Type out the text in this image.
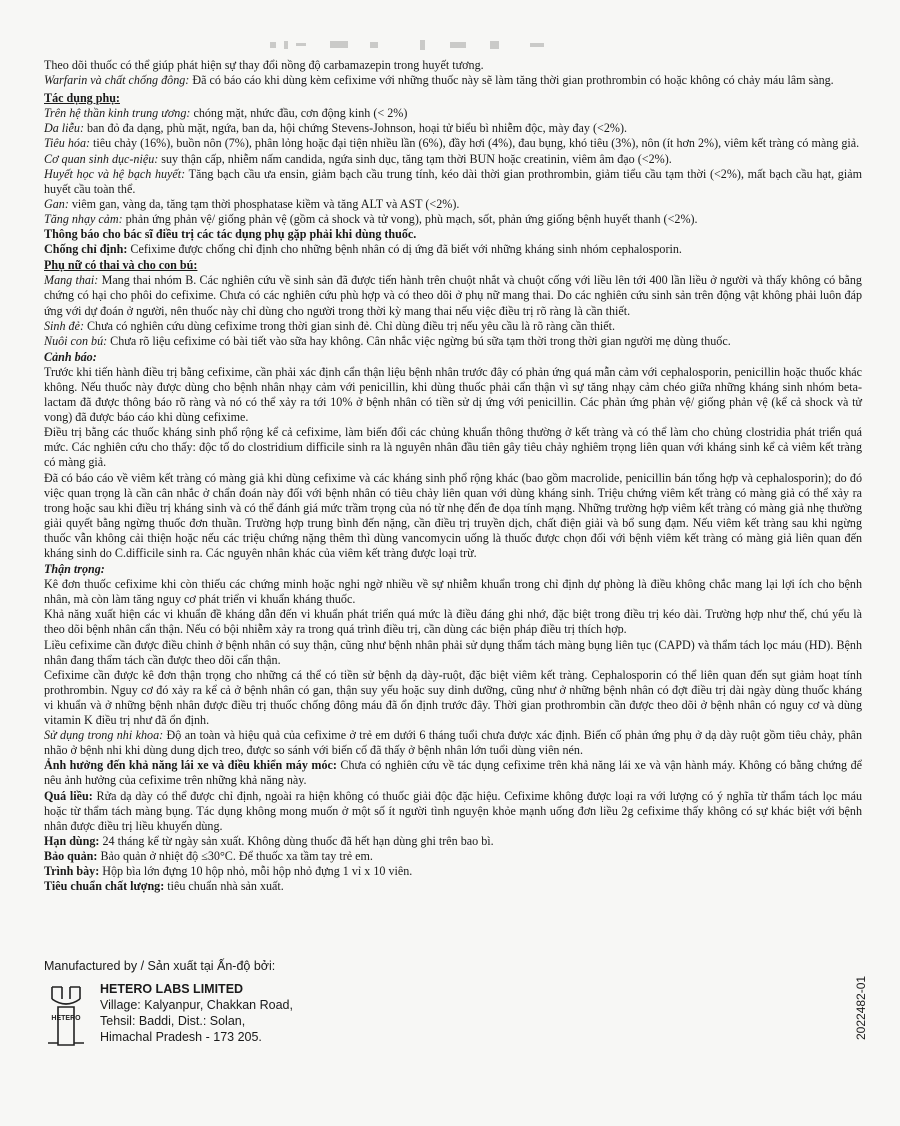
Theo dõi thuốc có thể giúp phát hiện sự thay đổi nồng độ carbamazepin trong huyết tương.

Warfarin và chất chống đông: Đã có báo cáo khi dùng kèm cefixime với những thuốc này sẽ làm tăng thời gian prothrombin có hoặc không có chảy máu lâm sàng.

Tác dụng phụ:

Trên hệ thần kinh trung ương: chóng mặt, nhức đầu, cơn động kinh (< 2%)

Da liễu: ban đỏ đa dạng, phù mặt, ngứa, ban da, hội chứng Stevens-Johnson, hoại tử biểu bì nhiễm độc, mày đay (<2%).

Tiêu hóa: tiêu chảy (16%), buồn nôn (7%), phân lỏng hoặc đại tiện nhiều lần (6%), đầy hơi (4%), đau bụng, khó tiêu (3%), nôn (ít hơn 2%), viêm kết tràng có màng giả.

Cơ quan sinh dục-niệu: suy thận cấp, nhiễm nấm candida, ngứa sinh dục, tăng tạm thời BUN hoặc creatinin, viêm âm đạo (<2%).

Huyết học và hệ bạch huyết: Tăng bạch cầu ưa ensin, giảm bạch cầu trung tính, kéo dài thời gian prothrombin, giảm tiểu cầu tạm thời (<2%), mất bạch cầu hạt, giảm huyết cầu toàn thể.

Gan: viêm gan, vàng da, tăng tạm thời phosphatase kiềm và tăng ALT và AST (<2%).

Tăng nhạy cảm: phản ứng phản vệ/ giống phản vệ (gồm cả shock và tử vong), phù mạch, sốt, phản ứng giống bệnh huyết thanh (<2%).

Thông báo cho bác sĩ điều trị các tác dụng phụ gặp phải khi dùng thuốc.

Chống chỉ định: Cefixime được chống chỉ định cho những bệnh nhân có dị ứng đã biết với những kháng sinh nhóm cephalosporin.

Phụ nữ có thai và cho con bú:

Mang thai: Mang thai nhóm B. Các nghiên cứu về sinh sản đã được tiến hành trên chuột nhắt và chuột cống với liều lên tới 400 lần liều ở người và thấy không có bằng chứng có hại cho phôi do cefixime. Chưa có các nghiên cứu phù hợp và có theo dõi ở phụ nữ mang thai. Do các nghiên cứu sinh sản trên động vật không phải luôn đáp ứng với dự đoán ở người, nên thuốc này chỉ dùng cho người trong thời kỳ mang thai nếu việc điều trị rõ ràng là cần thiết.

Sinh đẻ: Chưa có nghiên cứu dùng cefixime trong thời gian sinh đẻ. Chỉ dùng điều trị nếu yêu cầu là rõ ràng cần thiết.

Nuôi con bú: Chưa rõ liệu cefixime có bài tiết vào sữa hay không. Cân nhắc việc ngừng bú sữa tạm thời trong thời gian người mẹ dùng thuốc.

Cảnh báo:

Trước khi tiến hành điều trị bằng cefixime, cần phải xác định cẩn thận liệu bệnh nhân trước đây có phản ứng quá mẫn cảm với cephalosporin, penicillin hoặc thuốc khác không. Nếu thuốc này được dùng cho bệnh nhân nhạy cảm với penicillin, khi dùng thuốc phải cẩn thận vì sự tăng nhạy cảm chéo giữa những kháng sinh nhóm beta-lactam đã được thông báo rõ ràng và nó có thể xảy ra tới 10% ở bệnh nhân có tiền sử dị ứng với penicillin. Các phản ứng phản vệ/ giống phản vệ (kể cả shock và tử vong) đã được báo cáo khi dùng cefixime.

Điều trị bằng các thuốc kháng sinh phổ rộng kể cả cefixime, làm biến đổi các chủng khuẩn thông thường ở kết tràng và có thể làm cho chủng clostridia phát triển quá mức. Các nghiên cứu cho thấy: độc tố do clostridium difficile sinh ra là nguyên nhân đầu tiên gây tiêu chảy nghiêm trọng liên quan với kháng sinh kể cả viêm kết tràng có màng giả.

Đã có báo cáo về viêm kết tràng có màng giả khi dùng cefixime và các kháng sinh phổ rộng khác (bao gồm macrolide, penicillin bán tổng hợp và cephalosporin); do đó việc quan trọng là cần cân nhắc ở chẩn đoán này đối với bệnh nhân có tiêu chảy liên quan với dùng kháng sinh. Triệu chứng viêm kết tràng có màng giả có thể xảy ra trong hoặc sau khi điều trị kháng sinh và có thể đánh giá mức trầm trọng của nó từ nhẹ đến đe dọa tính mạng. Những trường hợp viêm kết tràng có màng giả nhẹ thường giải quyết bằng ngừng thuốc đơn thuần. Trường hợp trung bình đến nặng, cần điều trị truyền dịch, chất điện giải và bổ sung đạm. Nếu viêm kết tràng sau khi ngừng thuốc vẫn không cải thiện hoặc nếu các triệu chứng nặng thêm thì dùng vancomycin uống là thuốc được chọn đối với bệnh viêm kết tràng có màng giả liên quan đến kháng sinh do C.difficile sinh ra. Các nguyên nhân khác của viêm kết tràng được loại trừ.

Thận trọng:

Kê đơn thuốc cefixime khi còn thiếu các chứng minh hoặc nghi ngờ nhiều về sự nhiễm khuẩn trong chỉ định dự phòng là điều không chắc mang lại lợi ích cho bệnh nhân, mà còn làm tăng nguy cơ phát triển vi khuẩn kháng thuốc.

Khả năng xuất hiện các vi khuẩn đề kháng dẫn đến vi khuẩn phát triển quá mức là điều đáng ghi nhớ, đặc biệt trong điều trị kéo dài. Trường hợp như thế, chú yếu là theo dõi bệnh nhân cẩn thận. Nếu có bội nhiễm xảy ra trong quá trình điều trị, cần dùng các biện pháp điều trị thích hợp.

Liều cefixime cần được điều chỉnh ở bệnh nhân có suy thận, cũng như bệnh nhân phải sử dụng thẩm tách màng bụng liên tục (CAPD) và thẩm tách lọc máu (HD). Bệnh nhân đang thẩm tách cần được theo dõi cẩn thận.

Cefixime cần được kê đơn thận trọng cho những cá thể có tiền sử bệnh dạ dày-ruột, đặc biệt viêm kết tràng. Cephalosporin có thể liên quan đến sụt giảm hoạt tính prothrombin. Nguy cơ đó xảy ra kể cả ở bệnh nhân có gan, thận suy yếu hoặc suy dinh dưỡng, cũng như ở những bệnh nhân có đợt điều trị dài ngày dùng thuốc kháng vi khuẩn và ở những bệnh nhân được điều trị thuốc chống đông máu đã ổn định trước đây. Thời gian prothrombin cần được theo dõi ở bệnh nhân có nguy cơ và dùng vitamin K điều trị như đã ổn định.

Sử dụng trong nhi khoa: Độ an toàn và hiệu quả của cefixime ở trẻ em dưới 6 tháng tuổi chưa được xác định. Biến cố phản ứng phụ ở dạ dày ruột gồm tiêu chảy, phân nhão ở bệnh nhi khi dùng dung dịch treo, được so sánh với biến cố đã thấy ở bệnh nhân lớn tuổi dùng viên nén.

Ảnh hưởng đến khả năng lái xe và điều khiển máy móc: Chưa có nghiên cứu về tác dụng cefixime trên khả năng lái xe và vận hành máy. Không có bằng chứng để nêu ảnh hưởng của cefixime trên những khả năng này.

Quá liều: Rửa dạ dày có thể được chỉ định, ngoài ra hiện không có thuốc giải độc đặc hiệu. Cefixime không được loại ra với lượng có ý nghĩa từ thẩm tách lọc máu hoặc từ thẩm tách màng bụng. Tác dụng không mong muốn ở một số ít người tình nguyện khỏe mạnh uống đơn liều 2g cefixime thấy không có sự khác biệt với bệnh nhân được điều trị liều khuyến dùng.

Hạn dùng: 24 tháng kể từ ngày sản xuất. Không dùng thuốc đã hết hạn dùng ghi trên bao bì.

Bảo quản: Bảo quản ở nhiệt độ ≤30°C. Để thuốc xa tầm tay trẻ em.

Trình bày: Hộp bìa lớn đựng 10 hộp nhỏ, mỗi hộp nhỏ đựng 1 vỉ x 10 viên.

Tiêu chuẩn chất lượng: tiêu chuẩn nhà sản xuất.

Manufactured by / Sản xuất tại Ấn-độ bởi:
HETERO
HETERO LABS LIMITED
Village: Kalyanpur, Chakkan Road,
Tehsil: Baddi, Dist.: Solan,
Himachal Pradesh - 173 205.	2022482-01
